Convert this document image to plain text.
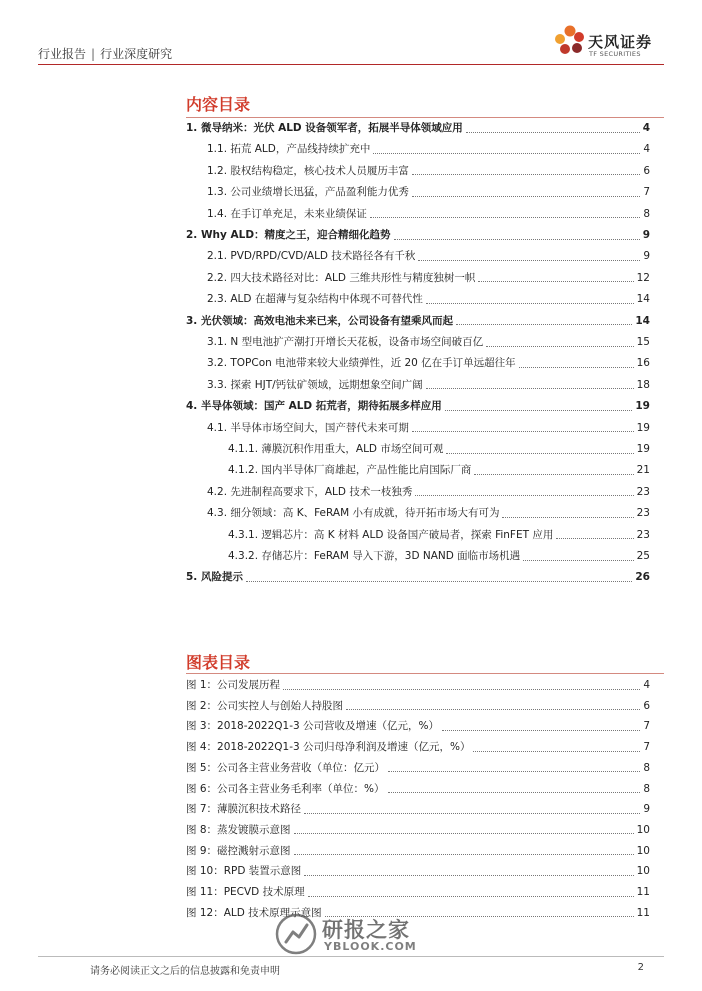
行业报告 | 行业深度研究
天风证券
TF SECURITIES
内容目录
1. 微导纳米：光伏 ALD 设备领军者，拓展半导体领域应用	4
1.1. 拓荒 ALD，产品线持续扩充中	4
1.2. 股权结构稳定，核心技术人员履历丰富	6
1.3. 公司业绩增长迅猛，产品盈利能力优秀	7
1.4. 在手订单充足，未来业绩保证	8
2. Why ALD：精度之王，迎合精细化趋势	9
2.1. PVD/RPD/CVD/ALD 技术路径各有千秋	9
2.2. 四大技术路径对比：ALD 三维共形性与精度独树一帜	12
2.3. ALD 在超薄与复杂结构中体现不可替代性	14
3. 光伏领域：高效电池未来已来，公司设备有望乘风而起	14
3.1. N 型电池扩产潮打开增长天花板，设备市场空间破百亿	15
3.2. TOPCon 电池带来较大业绩弹性，近 20 亿在手订单远超往年	16
3.3. 探索 HJT/钙钛矿领域，远期想象空间广阔	18
4. 半导体领域：国产 ALD 拓荒者，期待拓展多样应用	19
4.1. 半导体市场空间大，国产替代未来可期	19
4.1.1. 薄膜沉积作用重大，ALD 市场空间可观	19
4.1.2. 国内半导体厂商雄起，产品性能比肩国际厂商	21
4.2. 先进制程高要求下，ALD 技术一枝独秀	23
4.3. 细分领域：高 K、FeRAM 小有成就，待开拓市场大有可为	23
4.3.1. 逻辑芯片：高 K 材料 ALD 设备国产破局者，探索 FinFET 应用	23
4.3.2. 存储芯片：FeRAM 导入下游，3D NAND 面临市场机遇	25
5. 风险提示	26
图表目录
图 1：公司发展历程	4
图 2：公司实控人与创始人持股图	6
图 3：2018-2022Q1-3 公司营收及增速（亿元，%）	7
图 4：2018-2022Q1-3 公司归母净利润及增速（亿元，%）	7
图 5：公司各主营业务营收（单位：亿元）	8
图 6：公司各主营业务毛利率（单位：%）	8
图 7：薄膜沉积技术路径	9
图 8：蒸发镀膜示意图	10
图 9：磁控溅射示意图	10
图 10：RPD 装置示意图	10
图 11：PECVD 技术原理	11
图 12：ALD 技术原理示意图	11
研报之家
YBLOOK.COM
请务必阅读正文之后的信息披露和免责申明	2
